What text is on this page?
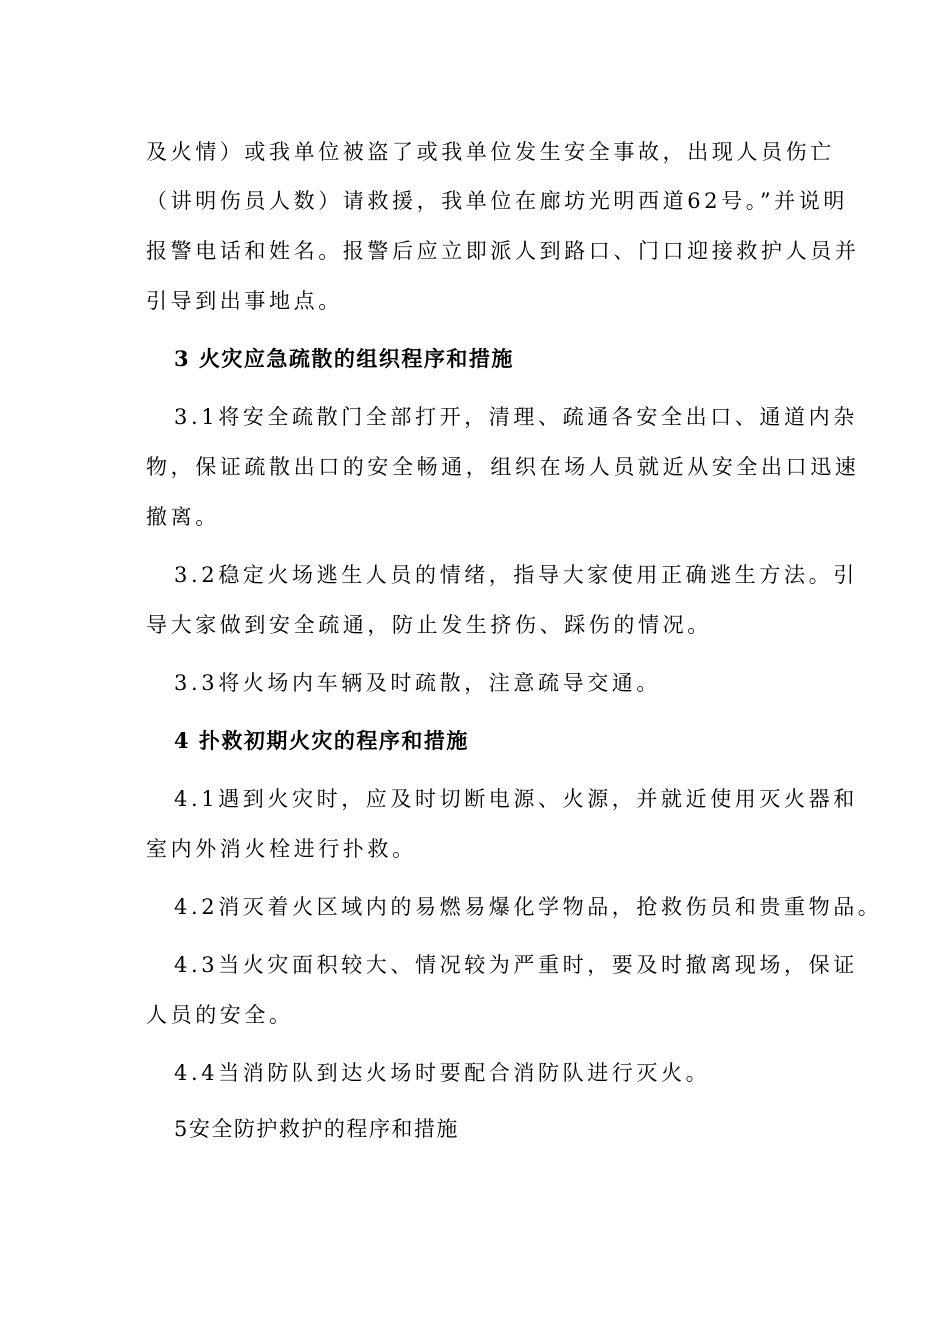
及火情）或我单位被盗了或我单位发生安全事故，出现人员伤亡
（讲明伤员人数）请救援，我单位在廊坊光明西道62号。”并说明
报警电话和姓名。报警后应立即派人到路口、门口迎接救护人员并
引导到出事地点。
3 火灾应急疏散的组织程序和措施
3.1将安全疏散门全部打开，清理、疏通各安全出口、通道内杂
物，保证疏散出口的安全畅通，组织在场人员就近从安全出口迅速
撤离。
3.2稳定火场逃生人员的情绪，指导大家使用正确逃生方法。引
导大家做到安全疏通，防止发生挤伤、踩伤的情况。
3.3将火场内车辆及时疏散，注意疏导交通。
4 扑救初期火灾的程序和措施
4.1遇到火灾时，应及时切断电源、火源，并就近使用灭火器和
室内外消火栓进行扑救。
4.2消灭着火区域内的易燃易爆化学物品，抢救伤员和贵重物品。
4.3当火灾面积较大、情况较为严重时，要及时撤离现场，保证
人员的安全。
4.4当消防队到达火场时要配合消防队进行灭火。
5安全防护救护的程序和措施
